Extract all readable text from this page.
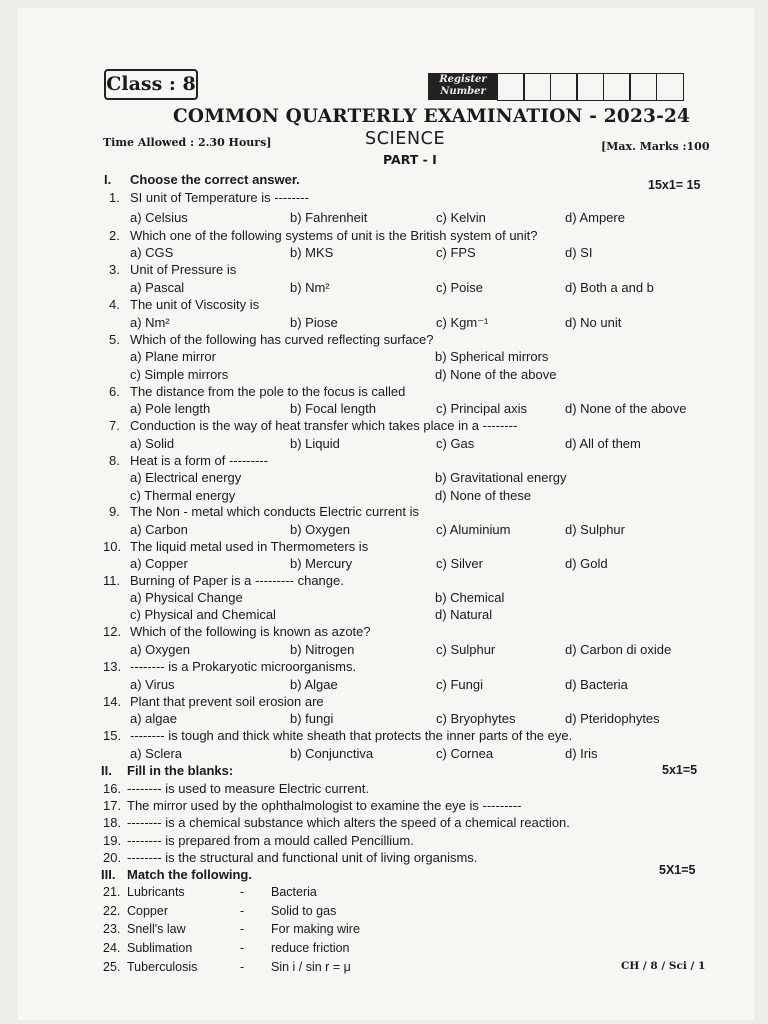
Class : 8	Register
Number
COMMON QUARTERLY EXAMINATION - 2023-24
Time Allowed : 2.30 Hours]	SCIENCE	[Max. Marks :100
PART - I
I. Choose the correct answer.	15x1= 15
1. SI unit of Temperature is --------
a) Celsius	b) Fahrenheit	c) Kelvin	d) Ampere
2. Which one of the following systems of unit is the British system of unit?
a) CGS	b) MKS	c) FPS	d) SI
3. Unit of Pressure is
a) Pascal	b) Nm²	c) Poise	d) Both a and b
4. The unit of Viscosity is
a) Nm²	b) Piose	c) Kgm⁻¹	d) No unit
5. Which of the following has curved reflecting surface?
a) Plane mirror	b) Spherical mirrors
c) Simple mirrors	d) None of the above
6. The distance from the pole to the focus is called
a) Pole length	b) Focal length	c) Principal axis	d) None of the above
7. Conduction is the way of heat transfer which takes place in a --------
a) Solid	b) Liquid	c) Gas	d) All of them
8. Heat is a form of ---------
a) Electrical energy	b) Gravitational energy
c) Thermal energy	d) None of these
9. The Non - metal which conducts Electric current is
a) Carbon	b) Oxygen	c) Aluminium	d) Sulphur
10. The liquid metal used in Thermometers is
a) Copper	b) Mercury	c) Silver	d) Gold
11. Burning of Paper is a --------- change.
a) Physical Change	b) Chemical
c) Physical and Chemical	d) Natural
12. Which of the following is known as azote?
a) Oxygen	b) Nitrogen	c) Sulphur	d) Carbon di oxide
13. -------- is a Prokaryotic microorganisms.
a) Virus	b) Algae	c) Fungi	d) Bacteria
14. Plant that prevent soil erosion are
a) algae	b) fungi	c) Bryophytes	d) Pteridophytes
15. -------- is tough and thick white sheath that protects the inner parts of the eye.
a) Sclera	b) Conjunctiva	c) Cornea	d) Iris
II. Fill in the blanks:	5x1=5
16. -------- is used to measure Electric current.
17. The mirror used by the ophthalmologist to examine the eye is ---------
18. -------- is a chemical substance which alters the speed of a chemical reaction.
19. -------- is prepared from a mould called Pencillium.
20. -------- is the structural and functional unit of living organisms.
III. Match the following.	5X1=5
21. Lubricants	- Bacteria
22. Copper	- Solid to gas
23. Snell's law	- For making wire
24. Sublimation	- reduce friction
25. Tuberculosis	- Sin i / sin r = μ	CH / 8 / Sci / 1
